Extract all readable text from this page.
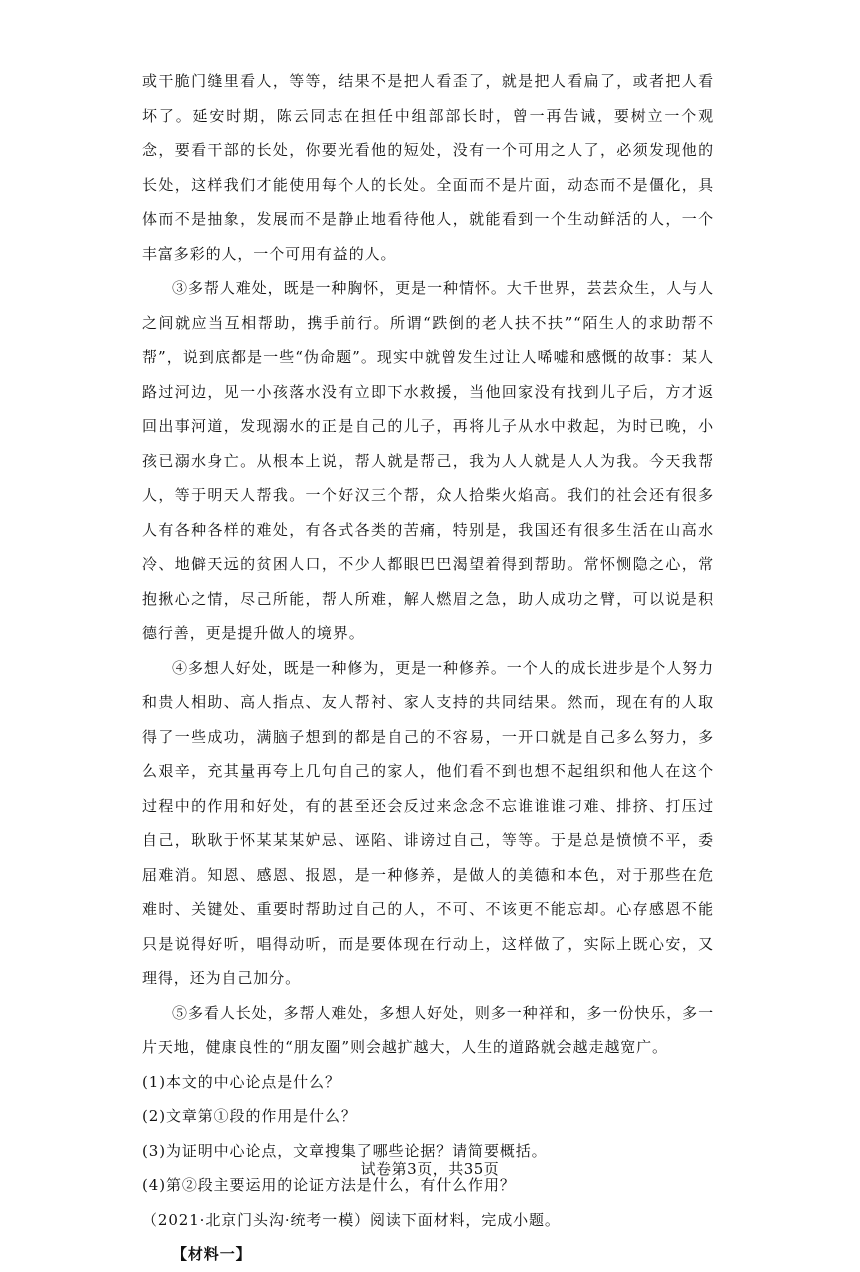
或干脆门缝里看人，等等，结果不是把人看歪了，就是把人看扁了，或者把人看坏了。延安时期，陈云同志在担任中组部部长时，曾一再告诫，要树立一个观念，要看干部的长处，你要光看他的短处，没有一个可用之人了，必须发现他的长处，这样我们才能使用每个人的长处。全面而不是片面，动态而不是僵化，具体而不是抽象，发展而不是静止地看待他人，就能看到一个生动鲜活的人，一个丰富多彩的人，一个可用有益的人。

③多帮人难处，既是一种胸怀，更是一种情怀。大千世界，芸芸众生，人与人之间就应当互相帮助，携手前行。所谓“跌倒的老人扶不扶”“陌生人的求助帮不帮”，说到底都是一些“伪命题”。现实中就曾发生过让人唏嘘和感慨的故事：某人路过河边，见一小孩落水没有立即下水救援，当他回家没有找到儿子后，方才返回出事河道，发现溺水的正是自己的儿子，再将儿子从水中救起，为时已晚，小孩已溺水身亡。从根本上说，帮人就是帮己，我为人人就是人人为我。今天我帮人，等于明天人帮我。一个好汉三个帮，众人拾柴火焰高。我们的社会还有很多人有各种各样的难处，有各式各类的苦痛，特别是，我国还有很多生活在山高水冷、地僻天远的贫困人口，不少人都眼巴巴渴望着得到帮助。常怀恻隐之心，常抱揪心之情，尽己所能，帮人所难，解人燃眉之急，助人成功之臂，可以说是积德行善，更是提升做人的境界。

④多想人好处，既是一种修为，更是一种修养。一个人的成长进步是个人努力和贵人相助、高人指点、友人帮衬、家人支持的共同结果。然而，现在有的人取得了一些成功，满脑子想到的都是自己的不容易，一开口就是自己多么努力，多么艰辛，充其量再夸上几句自己的家人，他们看不到也想不起组织和他人在这个过程中的作用和好处，有的甚至还会反过来念念不忘谁谁谁刁难、排挤、打压过自己，耿耿于怀某某某妒忌、诬陷、诽谤过自己，等等。于是总是愤愤不平，委屈难消。知恩、感恩、报恩，是一种修养，是做人的美德和本色，对于那些在危难时、关键处、重要时帮助过自己的人，不可、不该更不能忘却。心存感恩不能只是说得好听，唱得动听，而是要体现在行动上，这样做了，实际上既心安，又理得，还为自己加分。

⑤多看人长处，多帮人难处，多想人好处，则多一种祥和，多一份快乐，多一片天地，健康良性的“朋友圈”则会越扩越大，人生的道路就会越走越宽广。

(1)本文的中心论点是什么？

(2)文章第①段的作用是什么？

(3)为证明中心论点，文章搜集了哪些论据？请简要概括。

(4)第②段主要运用的论证方法是什么，有什么作用？

（2021·北京门头沟·统考一模）阅读下面材料，完成小题。

【材料一】

试卷第3页，共35页
